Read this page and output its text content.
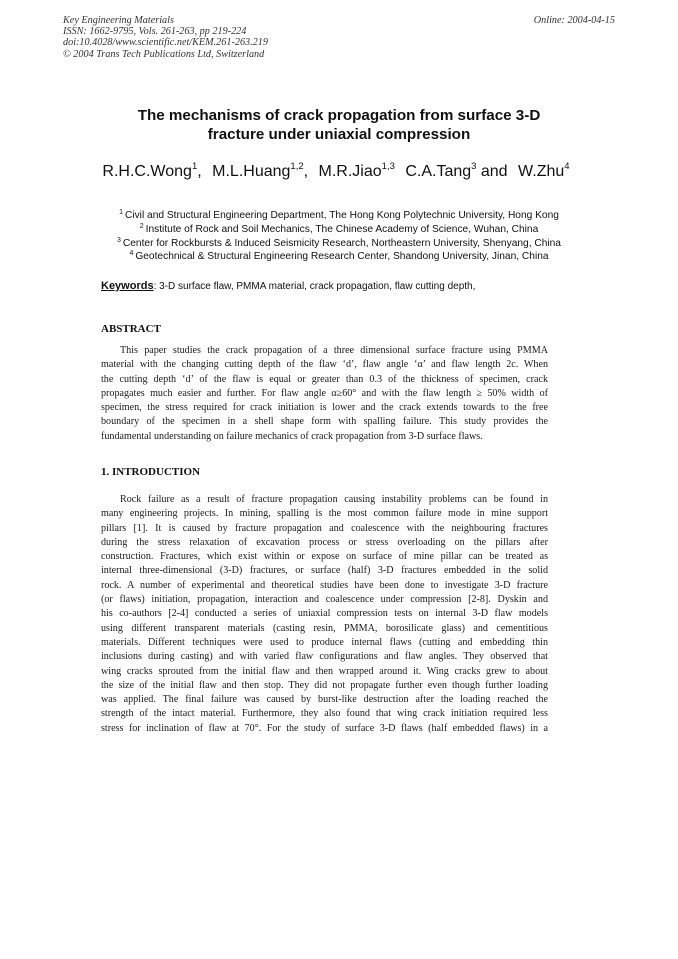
Key Engineering Materials
ISSN: 1662-9795, Vols. 261-263, pp 219-224
doi:10.4028/www.scientific.net/KEM.261-263.219
© 2004 Trans Tech Publications Ltd, Switzerland
Online: 2004-04-15
The mechanisms of crack propagation from surface 3-D
fracture under uniaxial compression
R.H.C.Wong$^1$, M.L.Huang$^{1,2}$, M.R.Jiao$^{1,3}$ C.A.Tang$^3$ and W.Zhu$^4$
$^1$ Civil and Structural Engineering Department, The Hong Kong Polytechnic University, Hong Kong
$^2$ Institute of Rock and Soil Mechanics, The Chinese Academy of Science, Wuhan, China
$^3$ Center for Rockbursts & Induced Seismicity Research, Northeastern University, Shenyang, China
$^4$ Geotechnical & Structural Engineering Research Center, Shandong University, Jinan, China
Keywords: 3-D surface flaw, PMMA material, crack propagation, flaw cutting depth,
ABSTRACT
This paper studies the crack propagation of a three dimensional surface fracture using PMMA
material with the changing cutting depth of the flaw ‘d’, flaw angle ‘α’ and flaw length 2c. When
the cutting depth ‘d’ of the flaw is equal or greater than 0.3 of the thickness of specimen, crack
propagates much easier and further. For flaw angle α≥60° and with the flaw length ≥ 50% width of
specimen, the stress required for crack initiation is lower and the crack extends towards to the free
boundary of the specimen in a shell shape form with spalling failure. This study provides the
fundamental understanding on failure mechanics of crack propagation from 3-D surface flaws.
1. INTRODUCTION
Rock failure as a result of fracture propagation causing instability problems can be found in
many engineering projects. In mining, spalling is the most common failure mode in mine support
pillars [1]. It is caused by fracture propagation and coalescence with the neighbouring fractures
during the stress relaxation of excavation process or stress overloading on the pillars after
construction. Fractures, which exist within or expose on surface of mine pillar can be treated as
internal three-dimensional (3-D) fractures, or surface (half) 3-D fractures embedded in the solid
rock. A number of experimental and theoretical studies have been done to investigate 3-D fracture
(or flaws) initiation, propagation, interaction and coalescence under compression [2-8]. Dyskin and
his co-authors [2-4] conducted a series of uniaxial compression tests on internal 3-D flaw models
using different transparent materials (casting resin, PMMA, borosilicate glass) and cementitious
materials. Different techniques were used to produce internal flaws (cutting and embedding thin
inclusions during casting) and with varied flaw configurations and flaw angles. They observed that
wing cracks sprouted from the initial flaw and then wrapped around it. Wing cracks grew to about
the size of the initial flaw and then stop. They did not propagate further even though further loading
was applied. The final failure was caused by burst-like destruction after the loading reached the
strength of the intact material. Furthermore, they also found that wing crack initiation required less
stress for inclination of flaw at 70°. For the study of surface 3-D flaws (half embedded flaws) in a
